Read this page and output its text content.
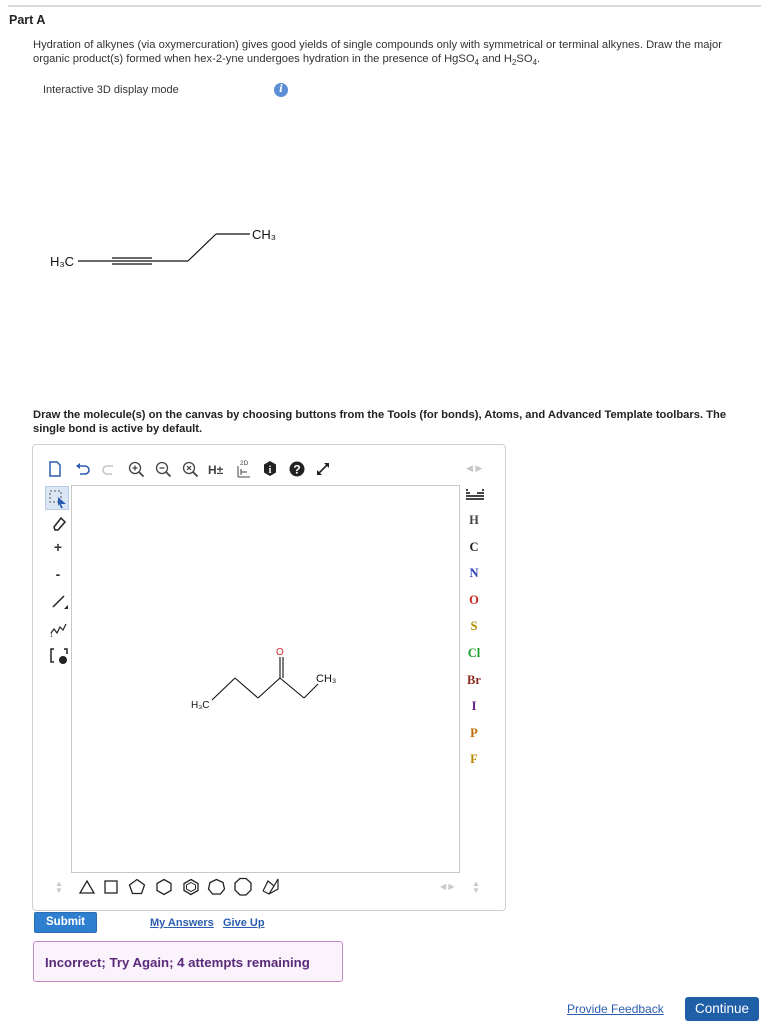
Part A
Hydration of alkynes (via oxymercuration) gives good yields of single compounds only with symmetrical or terminal alkynes. Draw the major
organic product(s) formed when hex-2-yne undergoes hydration in the presence of HgSO$_4$ and $H_2SO_4$.
Interactive 3D display mode	i
H₃C
CH₃
Draw the molecule(s) on the canvas by choosing buttons from the Tools (for bonds), Atoms, and Advanced Template toolbars. The single bond is active by default.
H±	2D
i ?	◀ ▶
+
-
1
H₃C
O
CH₃
H
C
N
O
S
Cl
Br
I
P
F
▲
▼	◀ ▶ ▲
▼
Submit	My Answers Give Up
Incorrect; Try Again; 4 attempts remaining
Provide Feedback	Continue
